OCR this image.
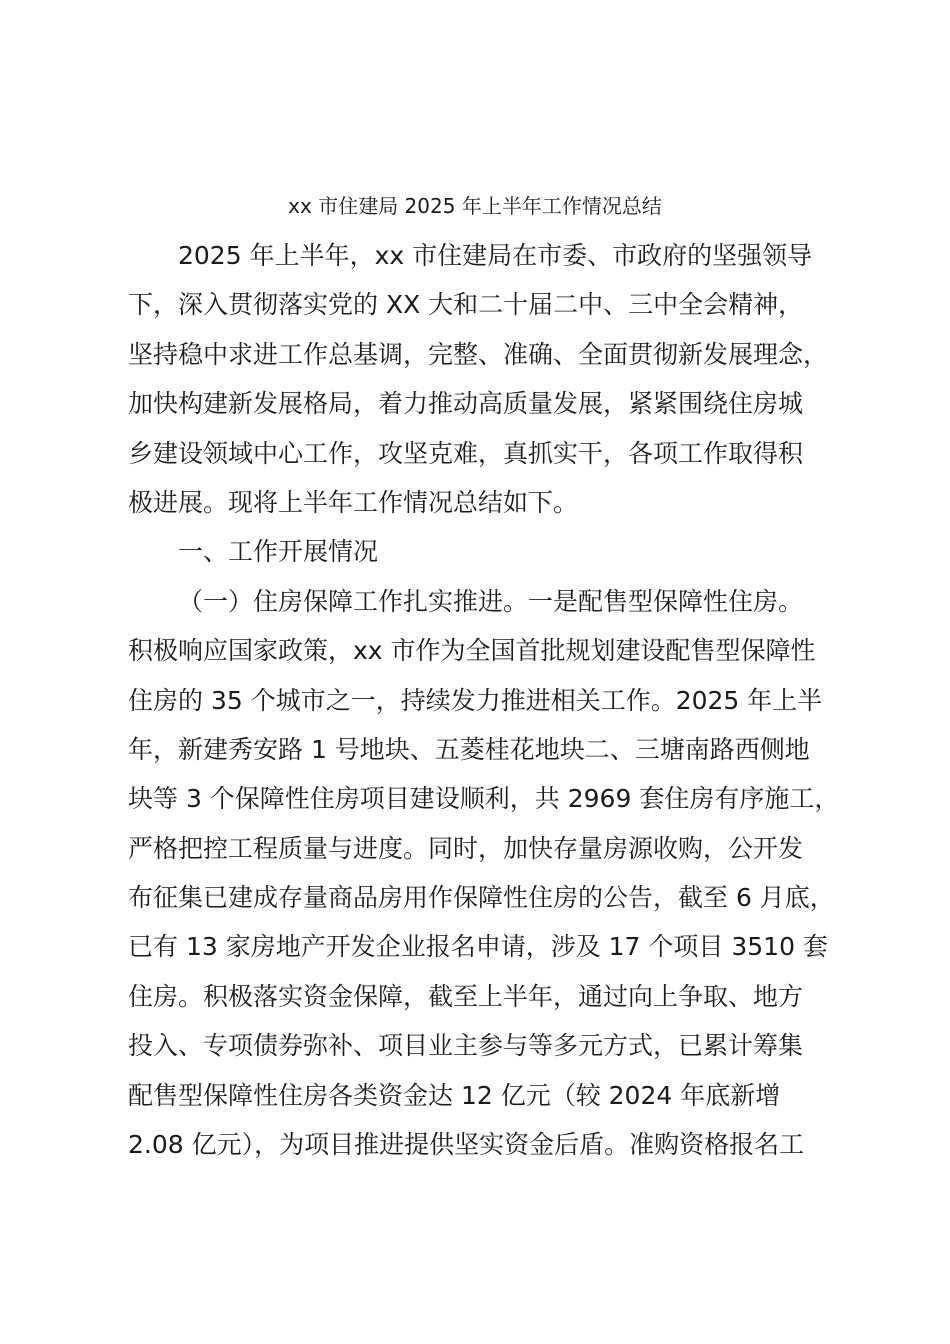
xx 市住建局 2025 年上半年工作情况总结
2025 年上半年，xx 市住建局在市委、市政府的坚强领导
下，深入贯彻落实党的 XX 大和二十届二中、三中全会精神，
坚持稳中求进工作总基调，完整、准确、全面贯彻新发展理念，
加快构建新发展格局，着力推动高质量发展，紧紧围绕住房城
乡建设领域中心工作，攻坚克难，真抓实干，各项工作取得积
极进展。现将上半年工作情况总结如下。
一、工作开展情况
（一）住房保障工作扎实推进。一是配售型保障性住房。
积极响应国家政策，xx 市作为全国首批规划建设配售型保障性
住房的 35 个城市之一，持续发力推进相关工作。2025 年上半
年，新建秀安路 1 号地块、五菱桂花地块二、三塘南路西侧地
块等 3 个保障性住房项目建设顺利，共 2969 套住房有序施工，
严格把控工程质量与进度。同时，加快存量房源收购，公开发
布征集已建成存量商品房用作保障性住房的公告，截至 6 月底，
已有 13 家房地产开发企业报名申请，涉及 17 个项目 3510 套
住房。积极落实资金保障，截至上半年，通过向上争取、地方
投入、专项债券弥补、项目业主参与等多元方式，已累计筹集
配售型保障性住房各类资金达 12 亿元（较 2024 年底新增
2.08 亿元），为项目推进提供坚实资金后盾。准购资格报名工
